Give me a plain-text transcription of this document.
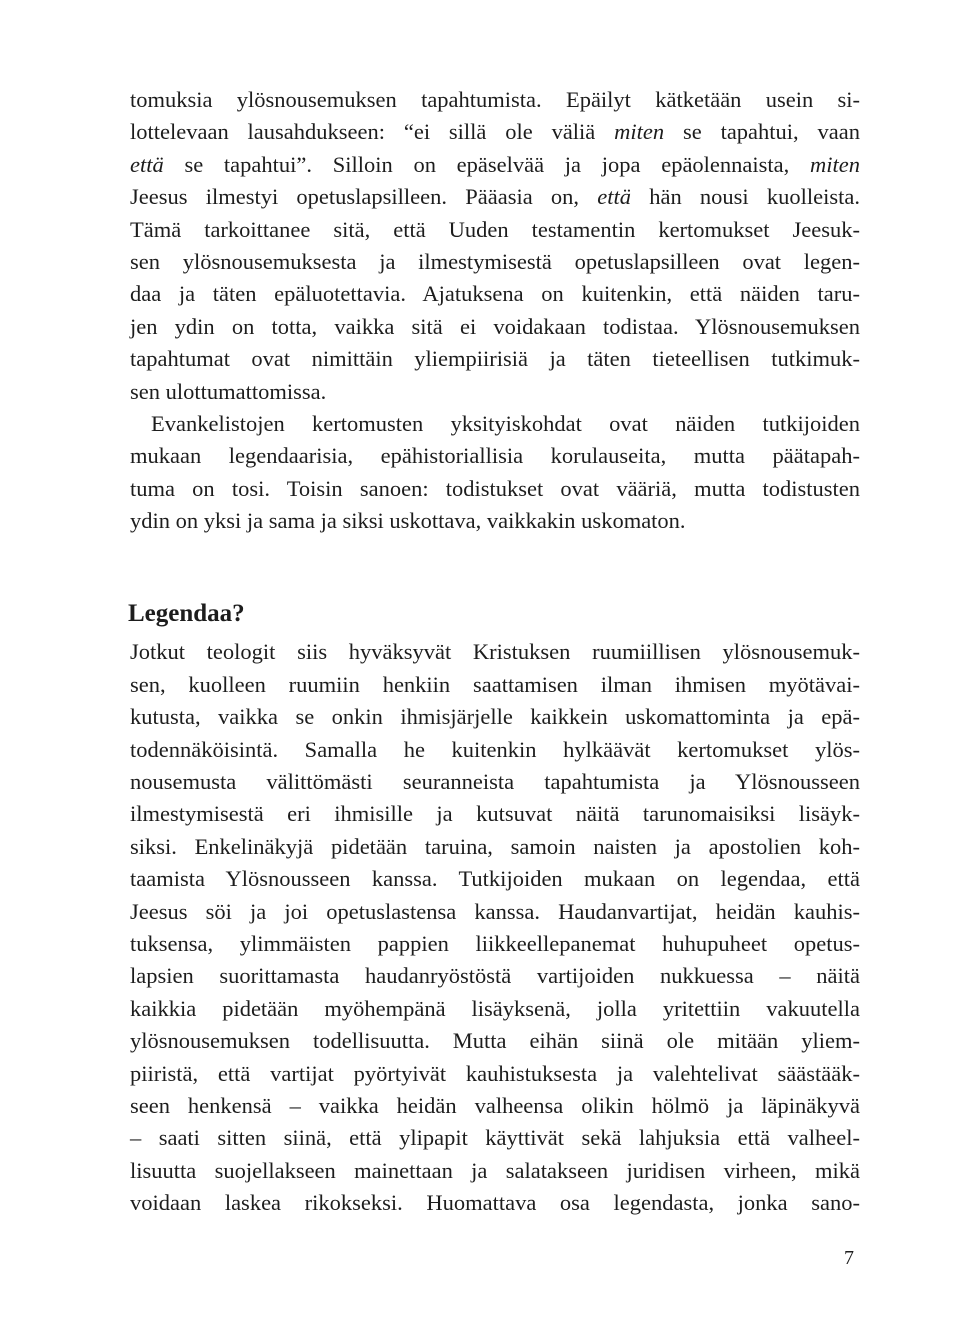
tomuksia ylösnousemuksen tapahtumista. Epäilyt kätketään usein si-
lottelevaan lausahdukseen: “ei sillä ole väliä miten se tapahtui, vaan
että se tapahtui”. Silloin on epäselvää ja jopa epäolennaista, miten
Jeesus ilmestyi opetuslapsilleen. Pääasia on, että hän nousi kuolleista.
Tämä tarkoittanee sitä, että Uuden testamentin kertomukset Jeesuk-
sen ylösnousemuksesta ja ilmestymisestä opetuslapsilleen ovat legen-
daa ja täten epäluotettavia. Ajatuksena on kuitenkin, että näiden taru-
jen ydin on totta, vaikka sitä ei voidakaan todistaa. Ylösnousemuksen
tapahtumat ovat nimittäin yliempiirisiä ja täten tieteellisen tutkimuk-
sen ulottumattomissa.
Evankelistojen kertomusten yksityiskohdat ovat näiden tutkijoiden
mukaan legendaarisia, epähistoriallisia korulauseita, mutta päätapah-
tuma on tosi. Toisin sanoen: todistukset ovat vääriä, mutta todistusten
ydin on yksi ja sama ja siksi uskottava, vaikkakin uskomaton.
Legendaa?
Jotkut teologit siis hyväksyvät Kristuksen ruumiillisen ylösnousemuk-
sen, kuolleen ruumiin henkiin saattamisen ilman ihmisen myötävai-
kutusta, vaikka se onkin ihmisjärjelle kaikkein uskomattominta ja epä-
todennäköisintä. Samalla he kuitenkin hylkäävät kertomukset ylös-
nousemusta välittömästi seuranneista tapahtumista ja Ylösnousseen
ilmestymisestä eri ihmisille ja kutsuvat näitä tarunomaisiksi lisäyk-
siksi. Enkelinäkyjä pidetään taruina, samoin naisten ja apostolien koh-
taamista Ylösnousseen kanssa. Tutkijoiden mukaan on legendaa, että
Jeesus söi ja joi opetuslastensa kanssa. Haudanvartijat, heidän kauhis-
tuksensa, ylimmäisten pappien liikkeellepanemat huhupuheet opetus-
lapsien suorittamasta haudanryöstöstä vartijoiden nukkuessa – näitä
kaikkia pidetään myöhempänä lisäyksenä, jolla yritettiin vakuutella
ylösnousemuksen todellisuutta. Mutta eihän siinä ole mitään yliem-
piiristä, että vartijat pyörtyivät kauhistuksesta ja valehtelivat säästääk-
seen henkensä – vaikka heidän valheensa olikin hölmö ja läpinäkyvä
– saati sitten siinä, että ylipapit käyttivät sekä lahjuksia että valheel-
lisuutta suojellakseen mainettaan ja salatakseen juridisen virheen, mikä
voidaan laskea rikokseksi. Huomattava osa legendasta, jonka sano-
7
